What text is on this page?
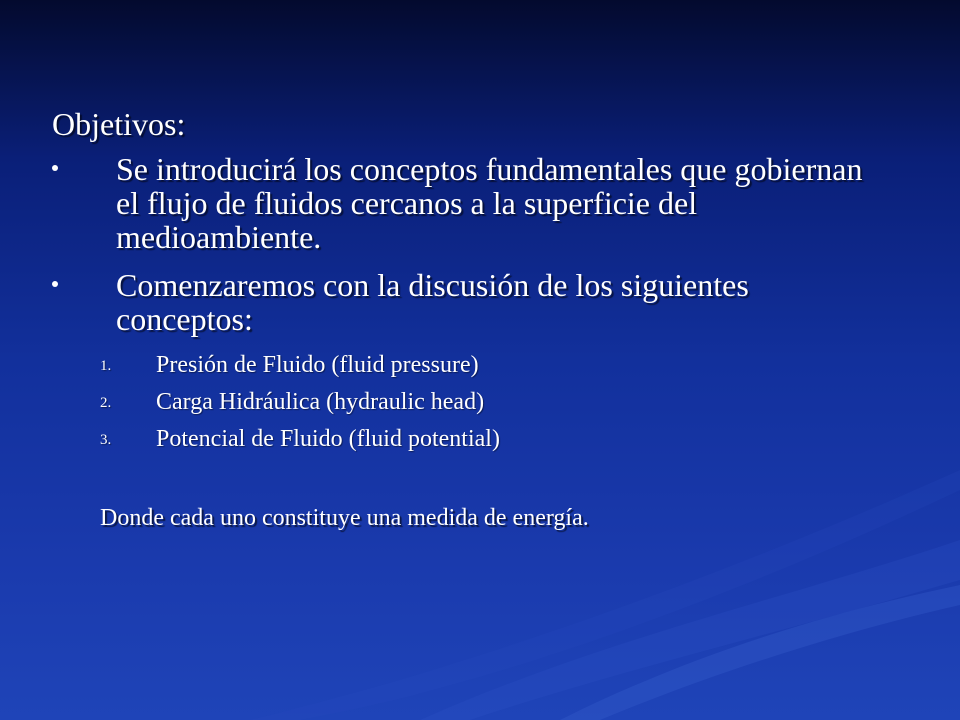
Objetivos:
Se introducirá los conceptos fundamentales que gobiernan el flujo de fluidos cercanos a la superficie del medioambiente.
Comenzaremos con la discusión de los siguientes conceptos:
1. Presión de Fluido (fluid pressure)
2. Carga Hidráulica (hydraulic head)
3. Potencial de Fluido (fluid potential)
Donde cada uno constituye una medida de energía.
